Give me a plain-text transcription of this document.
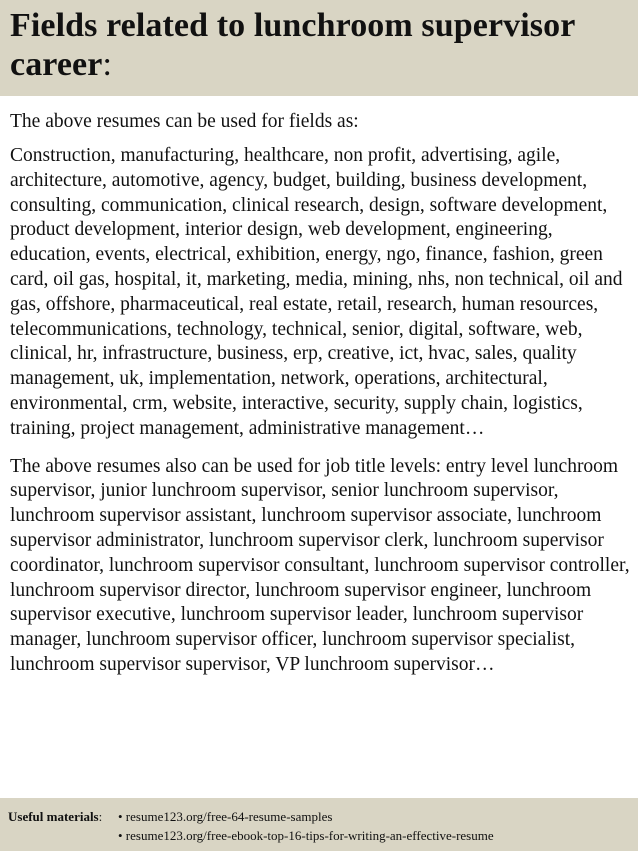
Fields related to lunchroom supervisor career:

The above resumes can be used for fields as:

Construction, manufacturing, healthcare, non profit, advertising, agile, architecture, automotive, agency, budget, building, business development, consulting, communication, clinical research, design, software development, product development, interior design, web development, engineering, education, events, electrical, exhibition, energy, ngo, finance, fashion, green card, oil gas, hospital, it, marketing, media, mining, nhs, non technical, oil and gas, offshore, pharmaceutical, real estate, retail, research, human resources, telecommunications, technology, technical, senior, digital, software, web, clinical, hr, infrastructure, business, erp, creative, ict, hvac, sales, quality management, uk, implementation, network, operations, architectural, environmental, crm, website, interactive, security, supply chain, logistics, training, project management, administrative management…

The above resumes also can be used for job title levels: entry level lunchroom supervisor, junior lunchroom supervisor, senior lunchroom supervisor, lunchroom supervisor assistant, lunchroom supervisor associate, lunchroom supervisor administrator, lunchroom supervisor clerk, lunchroom supervisor coordinator, lunchroom supervisor consultant, lunchroom supervisor controller, lunchroom supervisor director, lunchroom supervisor engineer, lunchroom supervisor executive, lunchroom supervisor leader, lunchroom supervisor manager, lunchroom supervisor officer, lunchroom supervisor specialist, lunchroom supervisor supervisor, VP lunchroom supervisor…

Useful materials:	• resume123.org/free-64-resume-samples
• resume123.org/free-ebook-top-16-tips-for-writing-an-effective-resume
